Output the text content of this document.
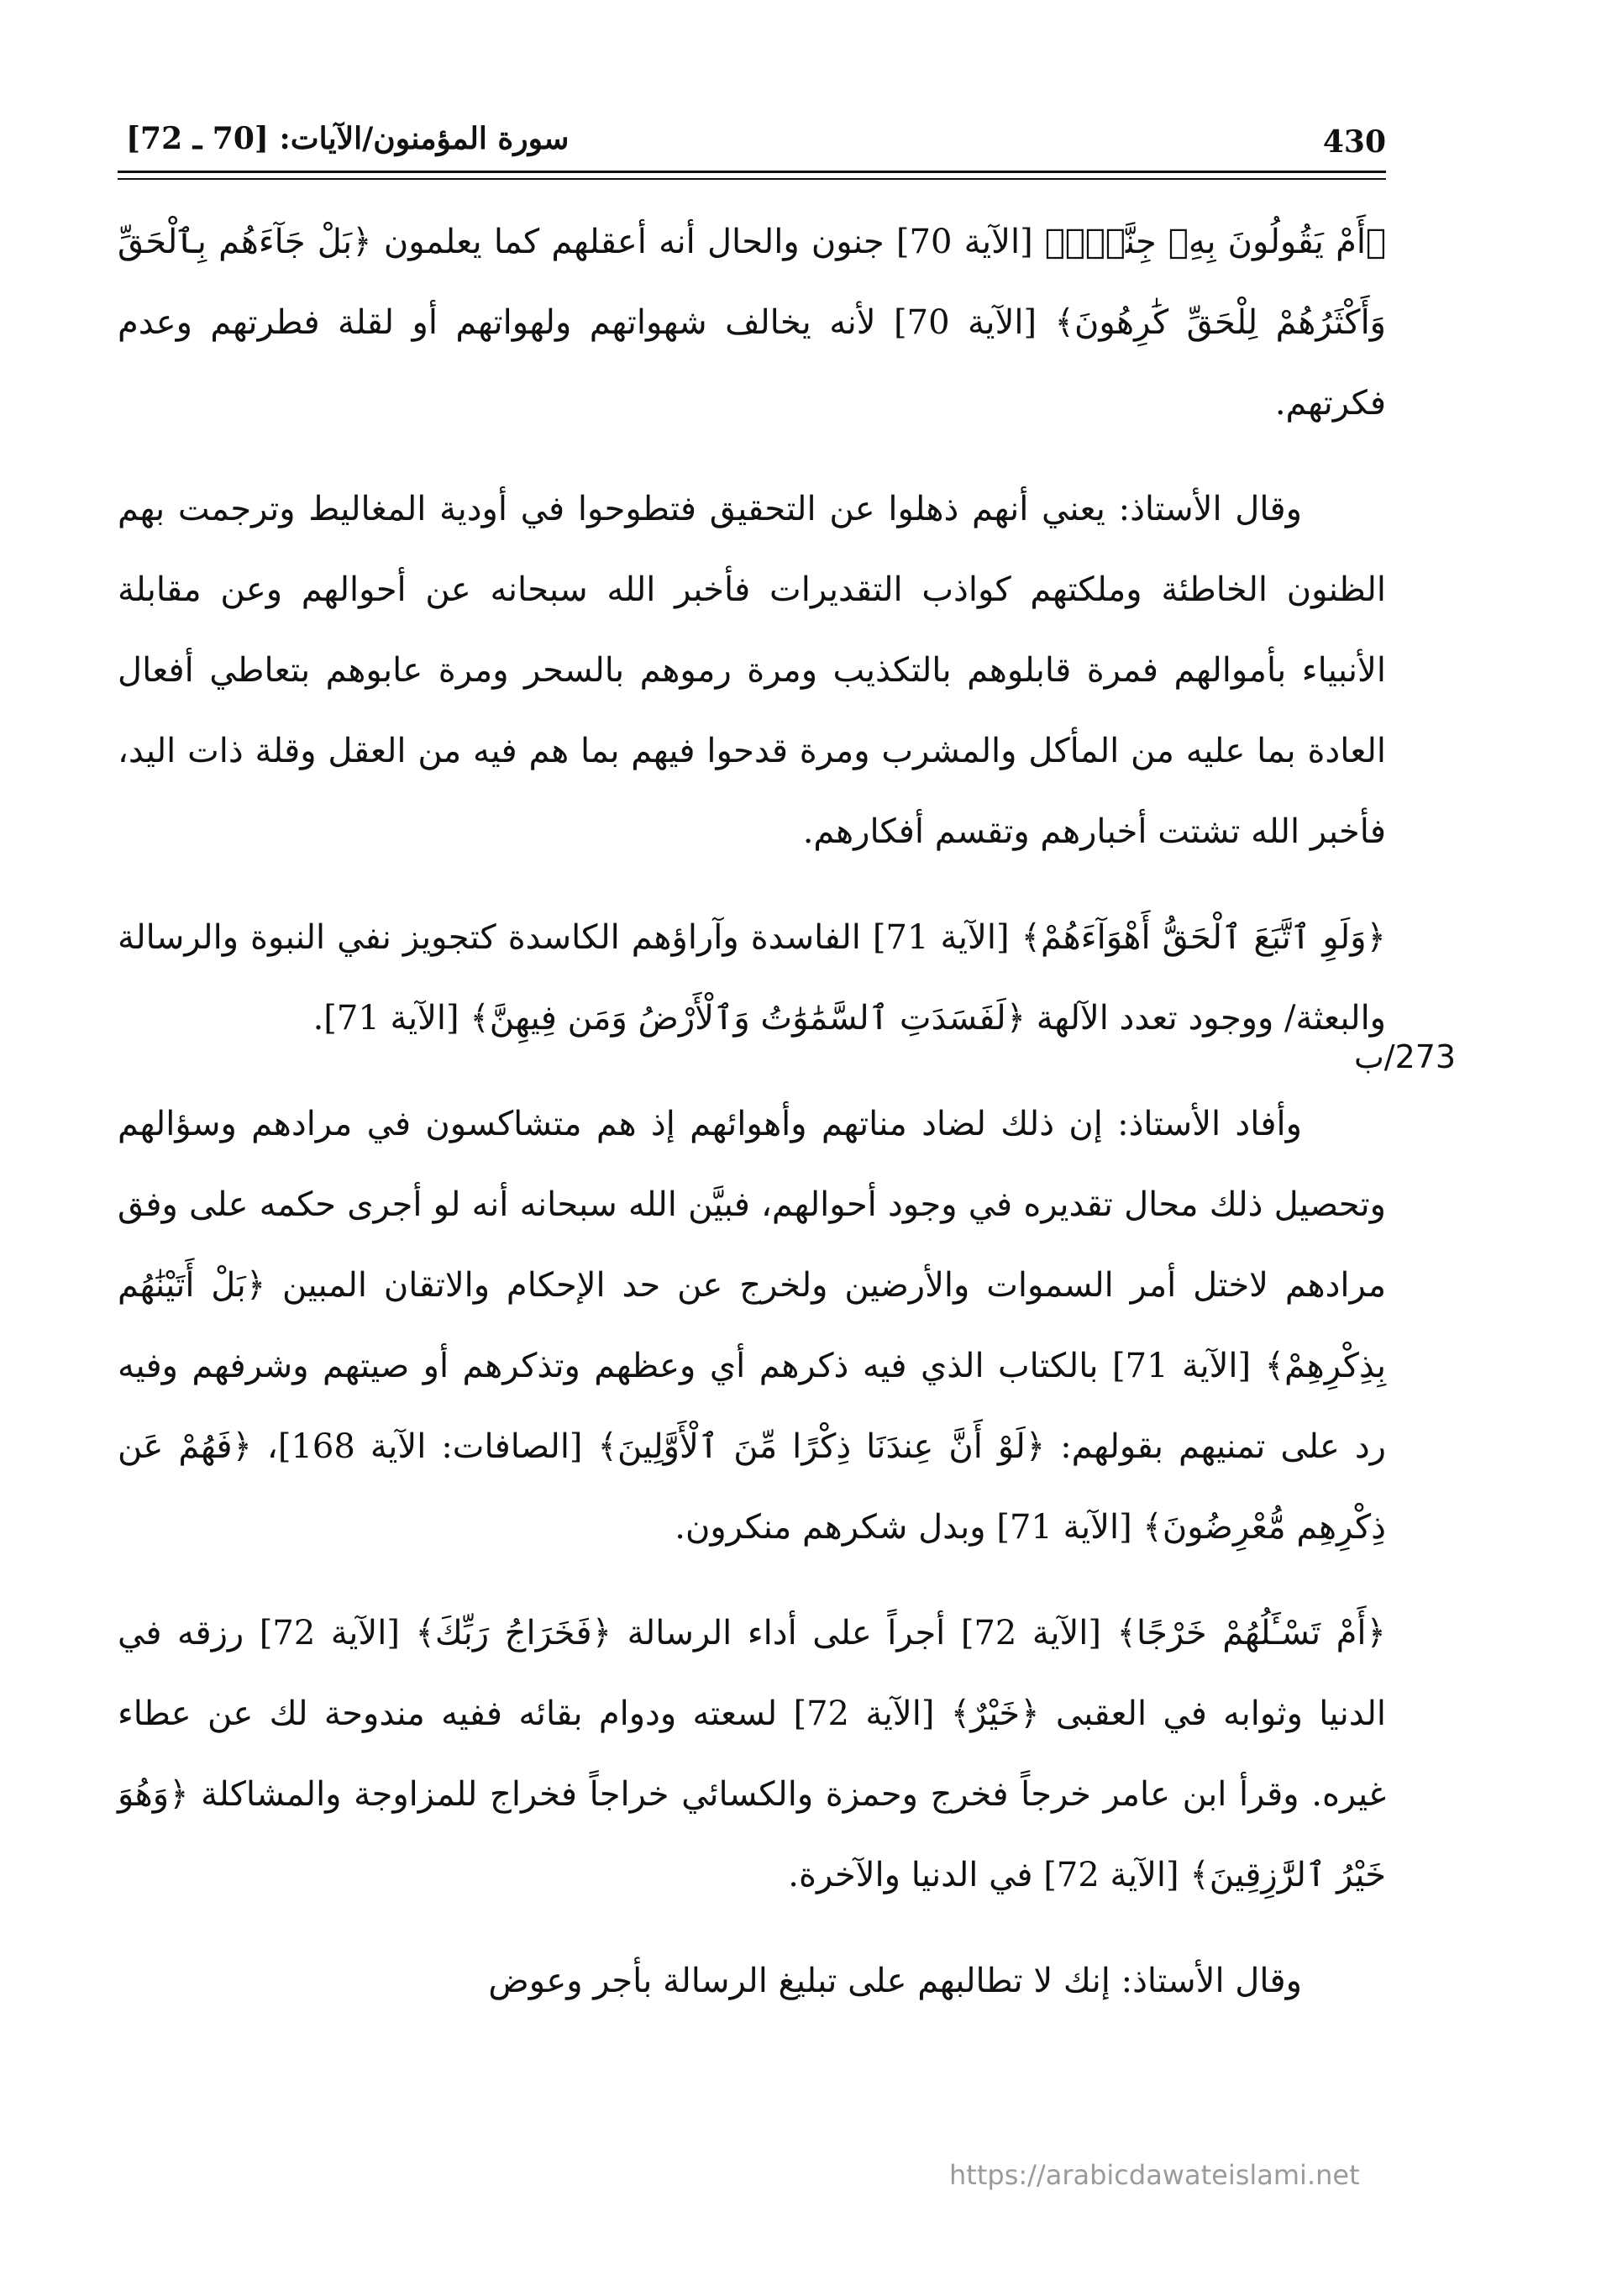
430
سورة المؤمنون/الآيات: [70 ـ 72]

﴿أَمْ يَقُولُونَ بِهِۦ جِنَّةٌۢ﴾ [الآية 70] جنون والحال أنه أعقلهم كما يعلمون ﴿بَلْ جَآءَهُم بِٱلْحَقِّ وَأَكْثَرُهُمْ لِلْحَقِّ كَٰرِهُونَ﴾ [الآية 70] لأنه يخالف شهواتهم ولهواتهم أو لقلة فطرتهم وعدم فكرتهم.

وقال الأستاذ: يعني أنهم ذهلوا عن التحقيق فتطوحوا في أودية المغاليط وترجمت بهم الظنون الخاطئة وملكتهم كواذب التقديرات فأخبر الله سبحانه عن أحوالهم وعن مقابلة الأنبياء بأموالهم فمرة قابلوهم بالتكذيب ومرة رموهم بالسحر ومرة عابوهم بتعاطي أفعال العادة بما عليه من المأكل والمشرب ومرة قدحوا فيهم بما هم فيه من العقل وقلة ذات اليد، فأخبر الله تشتت أخبارهم وتقسم أفكارهم.

﴿وَلَوِ ٱتَّبَعَ ٱلْحَقُّ أَهْوَآءَهُمْ﴾ [الآية 71] الفاسدة وآراؤهم الكاسدة كتجويز نفي النبوة والرسالة والبعثة/ ووجود تعدد الآلهة ﴿لَفَسَدَتِ ٱلسَّمَٰوَٰتُ وَٱلْأَرْضُ وَمَن فِيهِنَّ﴾ [الآية 71].

وأفاد الأستاذ: إن ذلك لضاد مناتهم وأهوائهم إذ هم متشاكسون في مرادهم وسؤالهم وتحصيل ذلك محال تقديره في وجود أحوالهم، فبيَّن الله سبحانه أنه لو أجرى حكمه على وفق مرادهم لاختل أمر السموات والأرضين ولخرج عن حد الإحكام والاتقان المبين ﴿بَلْ أَتَيْنَٰهُم بِذِكْرِهِمْ﴾ [الآية 71] بالكتاب الذي فيه ذكرهم أي وعظهم وتذكرهم أو صيتهم وشرفهم وفيه رد على تمنيهم بقولهم: ﴿لَوْ أَنَّ عِندَنَا ذِكْرًا مِّنَ ٱلْأَوَّلِينَ﴾ [الصافات: الآية 168]، ﴿فَهُمْ عَن ذِكْرِهِم مُّعْرِضُونَ﴾ [الآية 71] وبدل شكرهم منكرون.

﴿أَمْ تَسْـَٔلُهُمْ خَرْجًا﴾ [الآية 72] أجراً على أداء الرسالة ﴿فَخَرَاجُ رَبِّكَ﴾ [الآية 72] رزقه في الدنيا وثوابه في العقبى ﴿خَيْرٌ﴾ [الآية 72] لسعته ودوام بقائه ففيه مندوحة لك عن عطاء غيره. وقرأ ابن عامر خرجاً فخرج وحمزة والكسائي خراجاً فخراج للمزاوجة والمشاكلة ﴿وَهُوَ خَيْرُ ٱلرَّٰزِقِينَ﴾ [الآية 72] في الدنيا والآخرة.

وقال الأستاذ: إنك لا تطالبهم على تبليغ الرسالة بأجر وعوض

273/ب
https://arabicdawateislami.net
